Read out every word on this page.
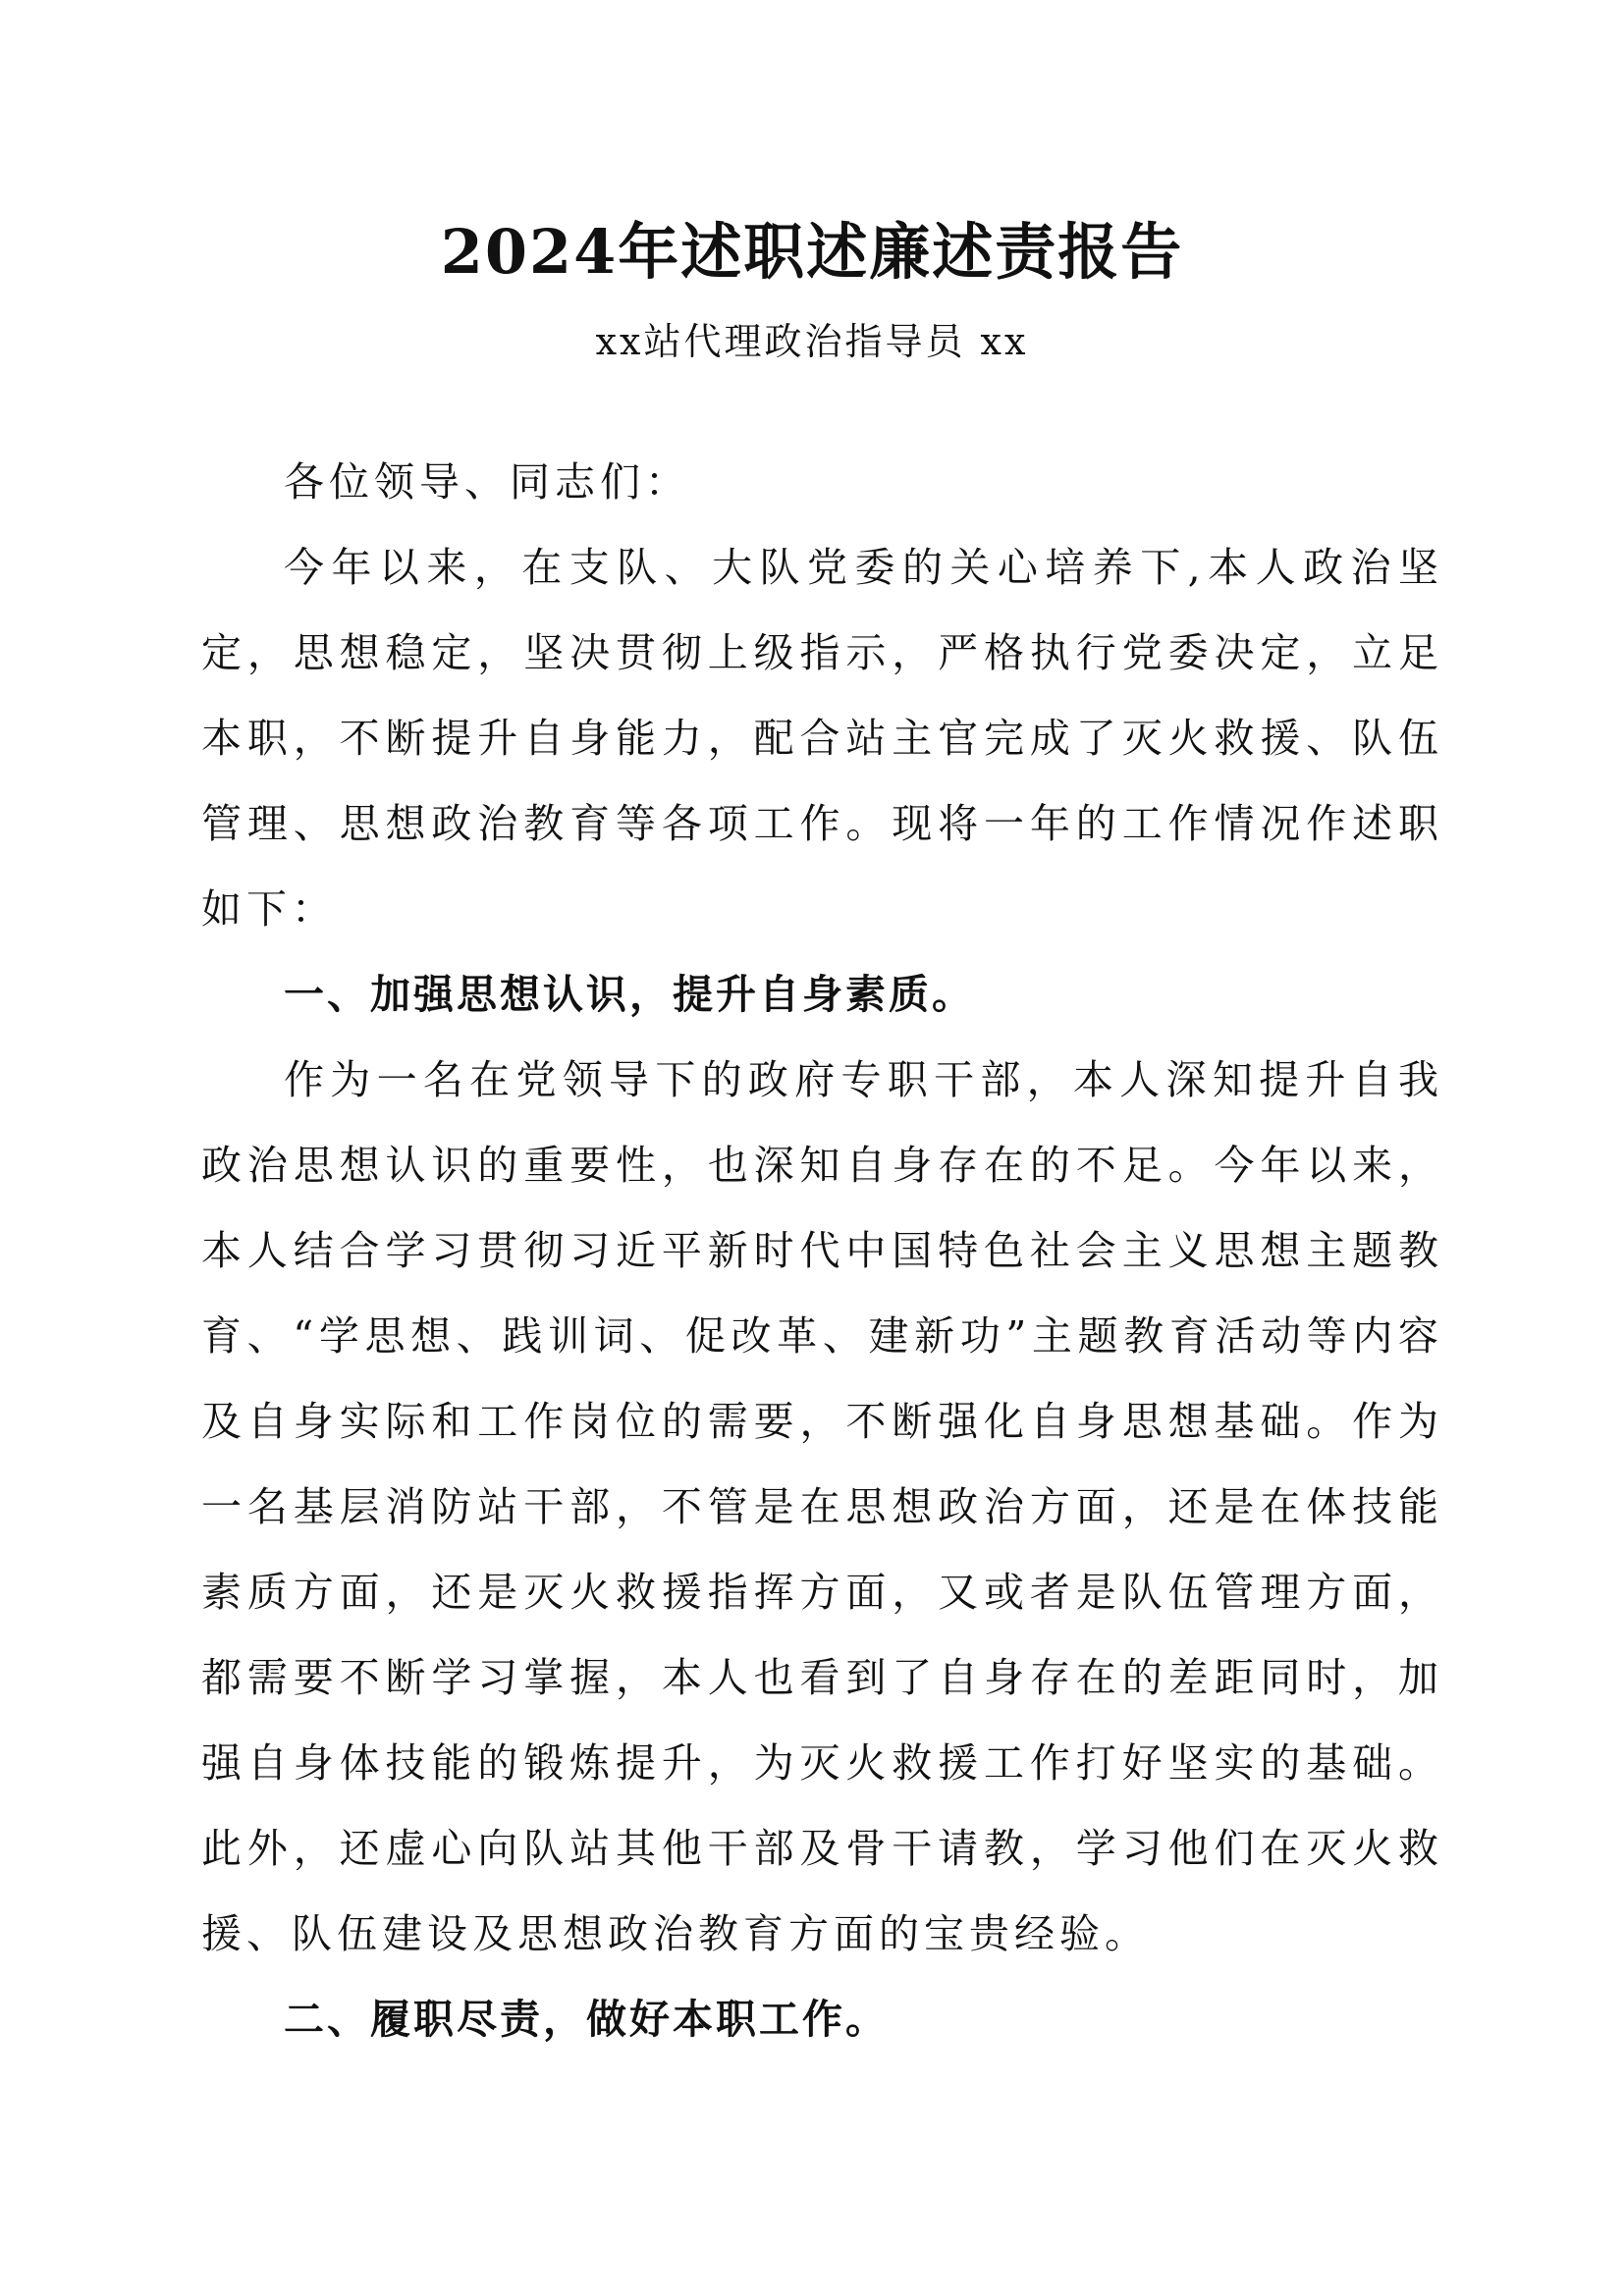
2024年述职述廉述责报告
xx站代理政治指导员 xx

各位领导、同志们：

今年以来，在支队、大队党委的关心培养下,本人政治坚定，思想稳定，坚决贯彻上级指示，严格执行党委决定，立足本职，不断提升自身能力，配合站主官完成了灭火救援、队伍管理、思想政治教育等各项工作。现将一年的工作情况作述职如下：

一、加强思想认识，提升自身素质。

作为一名在党领导下的政府专职干部，本人深知提升自我政治思想认识的重要性，也深知自身存在的不足。今年以来，本人结合学习贯彻习近平新时代中国特色社会主义思想主题教育、“学思想、践训词、促改革、建新功”主题教育活动等内容及自身实际和工作岗位的需要，不断强化自身思想基础。作为一名基层消防站干部，不管是在思想政治方面，还是在体技能素质方面，还是灭火救援指挥方面，又或者是队伍管理方面，都需要不断学习掌握，本人也看到了自身存在的差距同时，加强自身体技能的锻炼提升，为灭火救援工作打好坚实的基础。此外，还虚心向队站其他干部及骨干请教，学习他们在灭火救援、队伍建设及思想政治教育方面的宝贵经验。

二、履职尽责，做好本职工作。
